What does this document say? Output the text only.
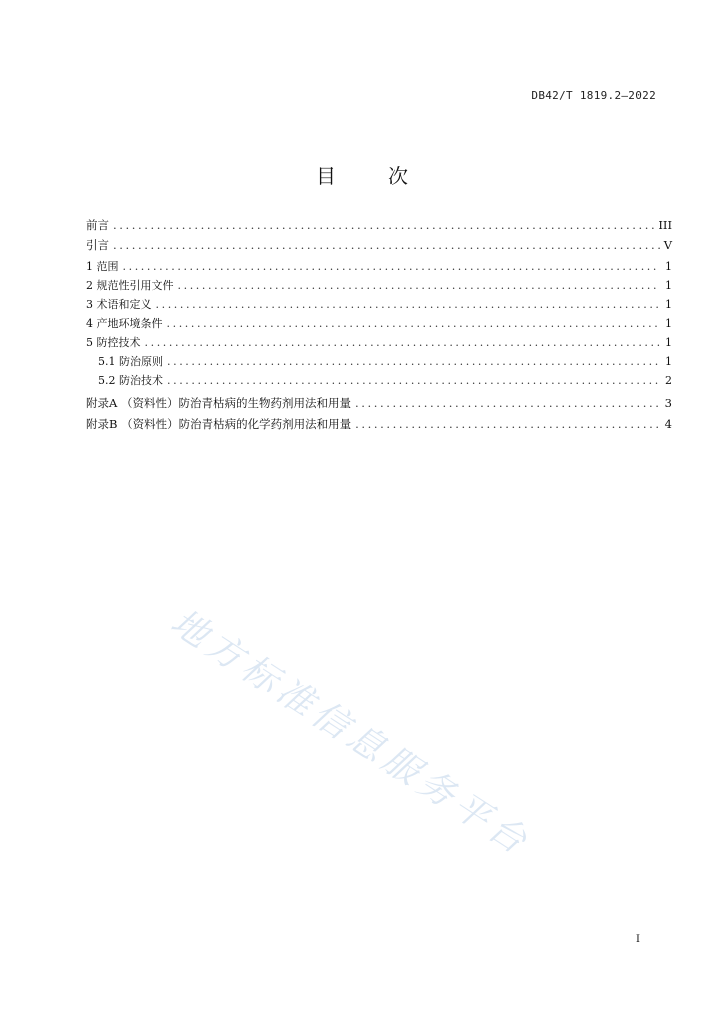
DB42/T 1819.2—2022
目	次
前言 .....	III
引言 .....	V
1 范围 .....	1
2 规范性引用文件 .....	1
3 术语和定义 .....	1
4 产地环境条件 .....	1
5 防控技术 .....	1
5.1 防治原则 .....	1
5.2 防治技术 .....	2
附录A （资料性）防治青枯病的生物药剂用法和用量 .....	3
附录B （资料性）防治青枯病的化学药剂用法和用量 .....	4
地方标准信息服务平台
I
